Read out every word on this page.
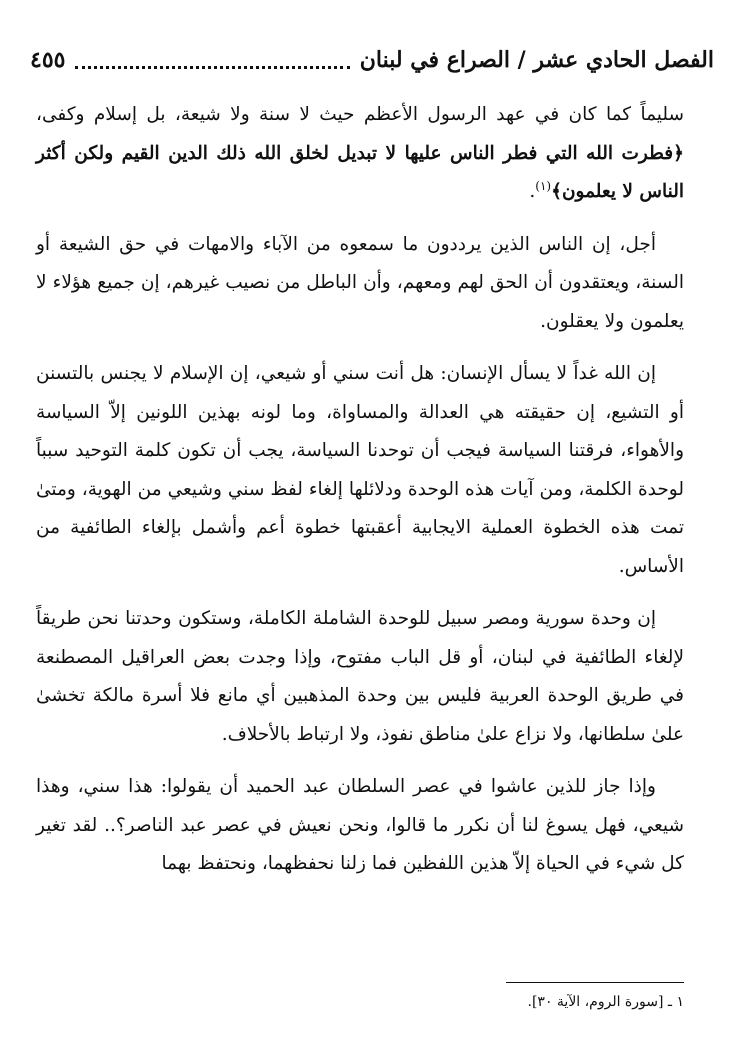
الفصل الحادي عشر / الصراع في لبنان
٤٥٥

سليماً كما كان في عهد الرسول الأعظم حيث لا سنة ولا شيعة، بل إسلام وكفى، ﴿فطرت الله التي فطر الناس عليها لا تبديل لخلق الله ذلك الدين القيم ولكن أكثر الناس لا يعلمون﴾$^{(١)}$.

أجل، إن الناس الذين يرددون ما سمعوه من الآباء والامهات في حق الشيعة أو السنة، ويعتقدون أن الحق لهم ومعهم، وأن الباطل من نصيب غيرهم، إن جميع هؤلاء لا يعلمون ولا يعقلون.

إن الله غداً لا يسأل الإنسان: هل أنت سني أو شيعي، إن الإسلام لا يجنس بالتسنن أو التشيع، إن حقيقته هي العدالة والمساواة، وما لونه بهذين اللونين إلاّ السياسة والأهواء، فرقتنا السياسة فيجب أن توحدنا السياسة، يجب أن تكون كلمة التوحيد سبباً لوحدة الكلمة، ومن آيات هذه الوحدة ودلائلها إلغاء لفظ سني وشيعي من الهوية، ومتىٰ تمت هذه الخطوة العملية الايجابية أعقبتها خطوة أعم وأشمل بإلغاء الطائفية من الأساس.

إن وحدة سورية ومصر سبيل للوحدة الشاملة الكاملة، وستكون وحدتنا نحن طريقاً لإلغاء الطائفية في لبنان، أو قل الباب مفتوح، وإذا وجدت بعض العراقيل المصطنعة في طريق الوحدة العربية فليس بين وحدة المذهبين أي مانع فلا أسرة مالكة تخشىٰ علىٰ سلطانها، ولا نزاع علىٰ مناطق نفوذ، ولا ارتباط بالأحلاف.

وإذا جاز للذين عاشوا في عصر السلطان عبد الحميد أن يقولوا: هذا سني، وهذا شيعي، فهل يسوغ لنا أن نكرر ما قالوا، ونحن نعيش في عصر عبد الناصر؟.. لقد تغير كل شيء في الحياة إلاّ هذين اللفظين فما زلنا نحفظهما، ونحتفظ بهما

١ ـ [سورة الروم، الآية ٣٠].
